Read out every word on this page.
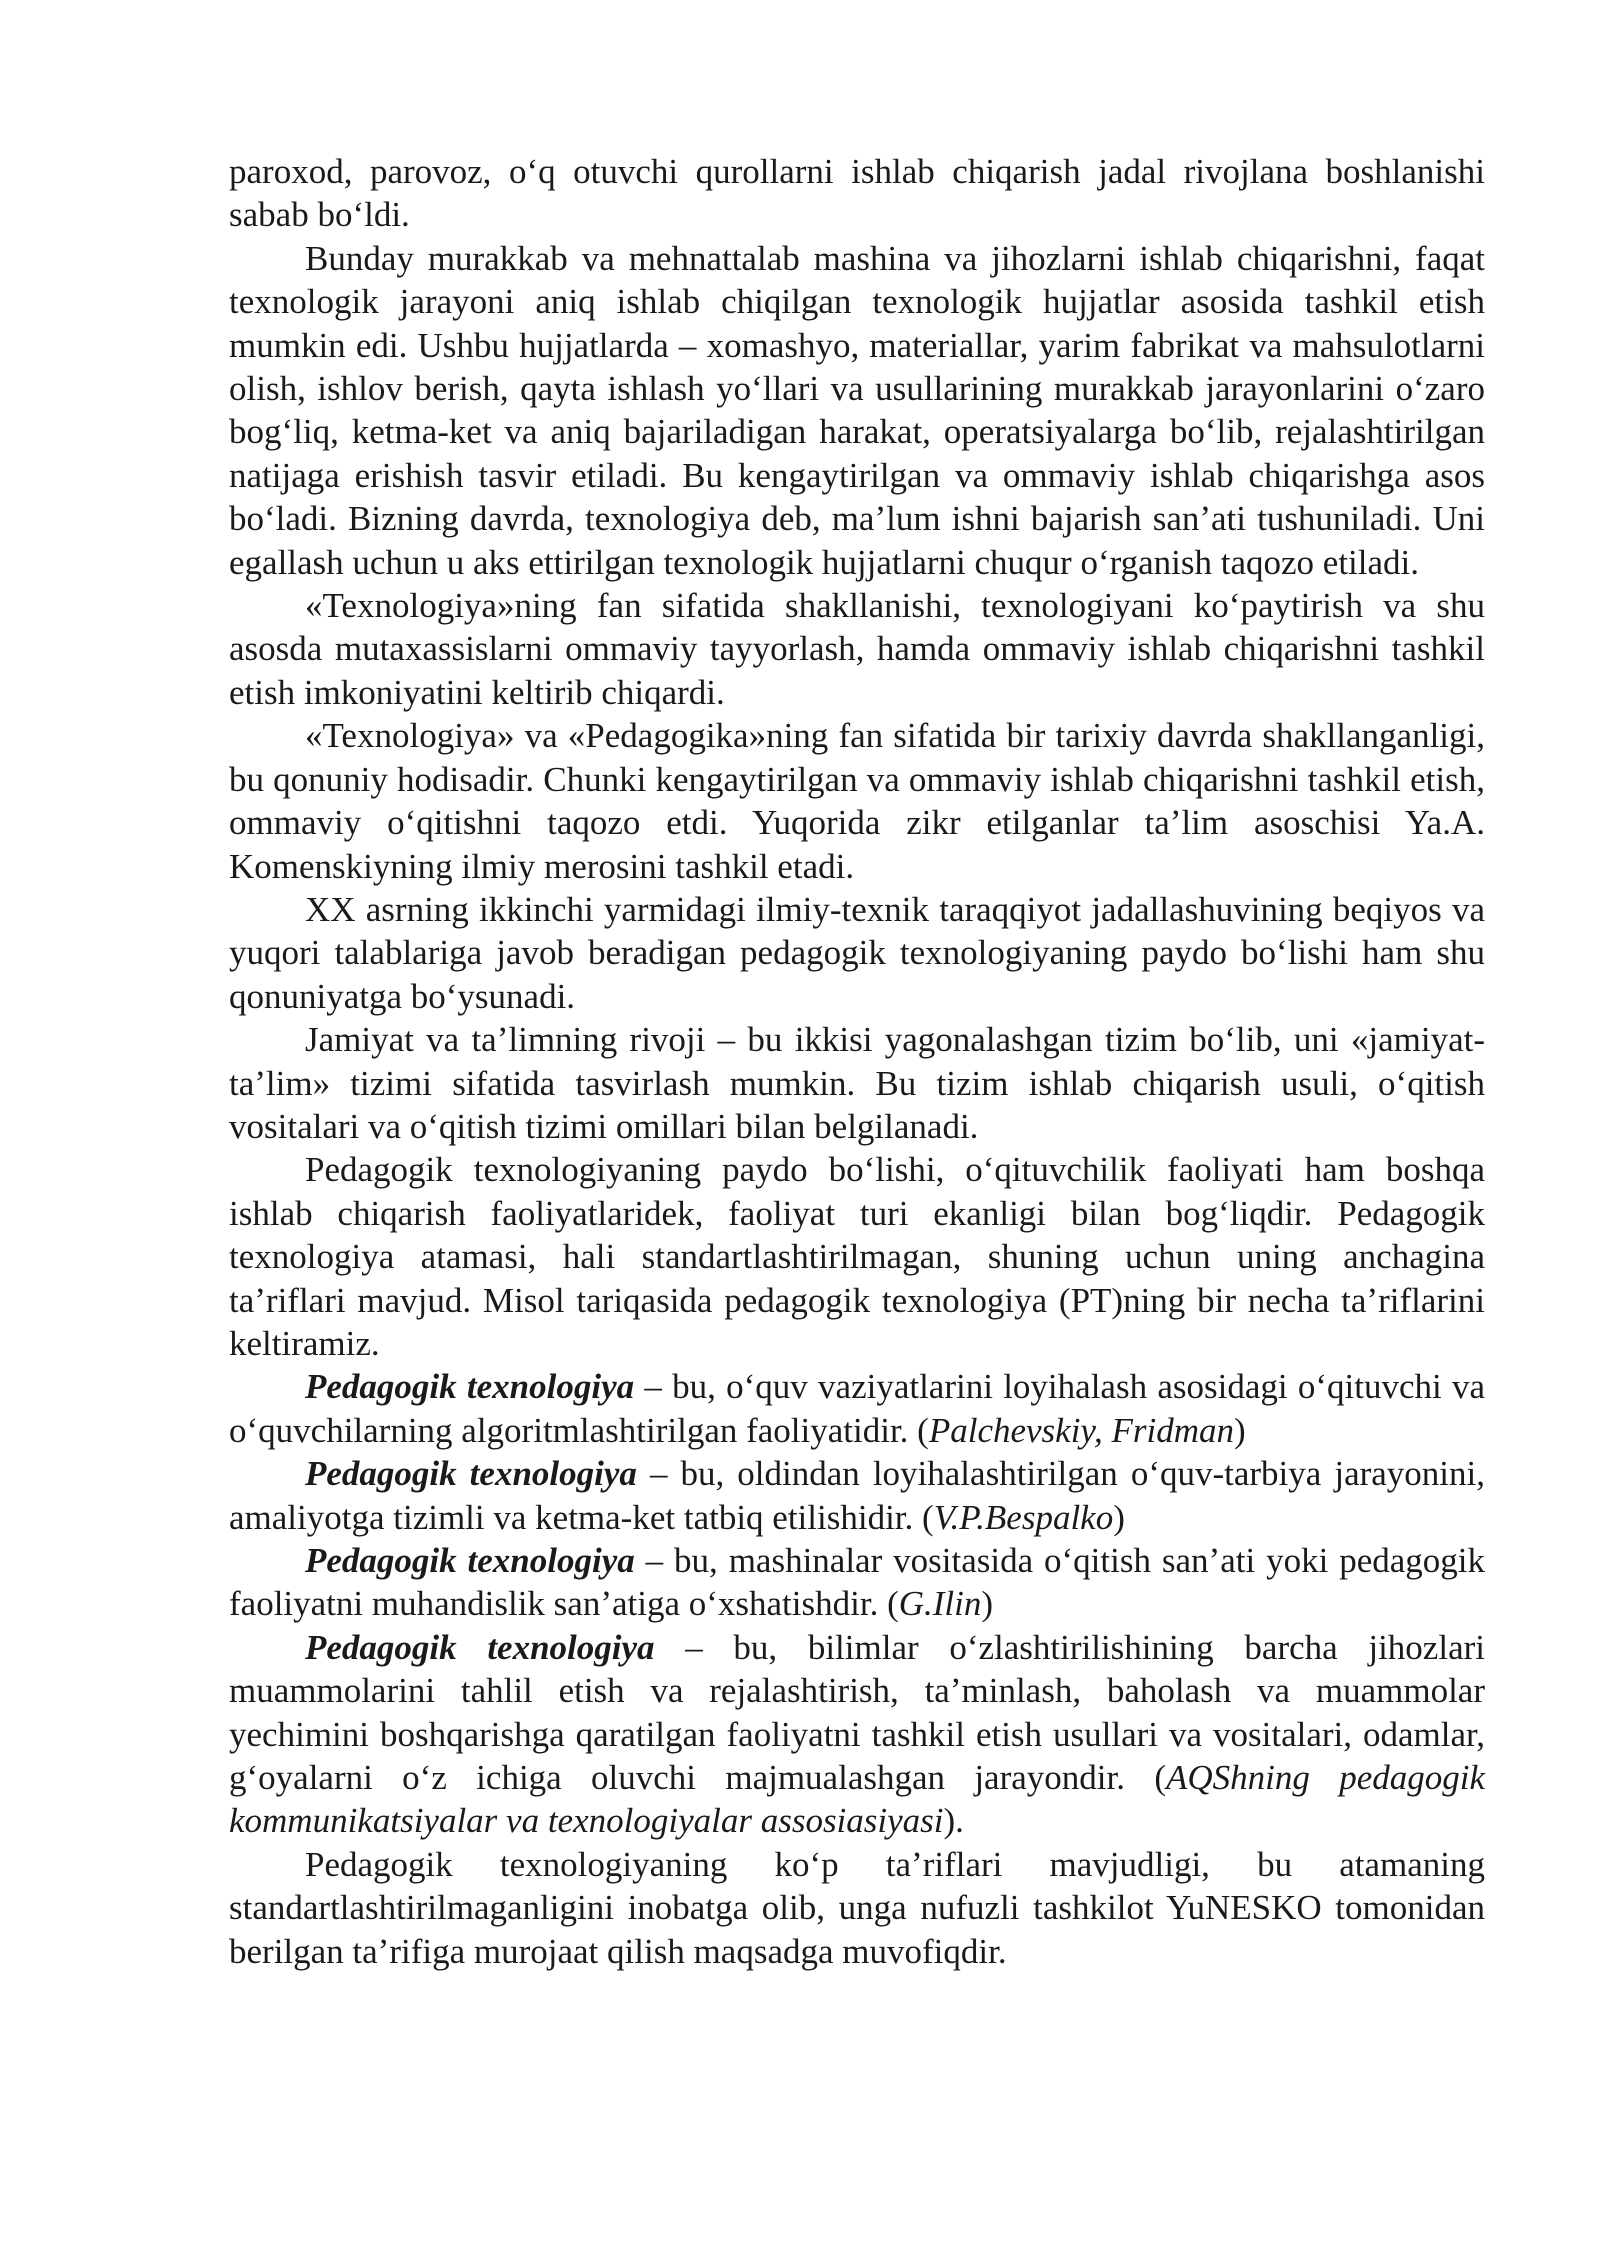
paroxod, parovoz, oʻq otuvchi qurollarni ishlab chiqarish jadal rivojlana boshlanishi sabab boʻldi.

Bunday murakkab va mehnattalab mashina va jihozlarni ishlab chiqarishni, faqat texnologik jarayoni aniq ishlab chiqilgan texnologik hujjatlar asosida tashkil etish mumkin edi. Ushbu hujjatlarda – xomashyo, materiallar, yarim fabrikat va mahsulotlarni olish, ishlov berish, qayta ishlash yoʻllari va usullarining murakkab jarayonlarini oʻzaro bogʻliq, ketma-ket va aniq bajariladigan harakat, operatsiyalarga boʻlib, rejalashtirilgan natijaga erishish tasvir etiladi. Bu kengaytirilgan va ommaviy ishlab chiqarishga asos boʻladi. Bizning davrda, texnologiya deb, maʼlum ishni bajarish sanʼati tushuniladi. Uni egallash uchun u aks ettirilgan texnologik hujjatlarni chuqur oʻrganish taqozo etiladi.

«Texnologiya»ning fan sifatida shakllanishi, texnologiyani koʻpaytirish va shu asosda mutaxassislarni ommaviy tayyorlash, hamda ommaviy ishlab chiqarishni tashkil etish imkoniyatini keltirib chiqardi.

«Texnologiya» va «Pedagogika»ning fan sifatida bir tarixiy davrda shakllanganligi, bu qonuniy hodisadir. Chunki kengaytirilgan va ommaviy ishlab chiqarishni tashkil etish, ommaviy oʻqitishni taqozo etdi. Yuqorida zikr etilganlar taʼlim asoschisi Ya.A. Komenskiyning ilmiy merosini tashkil etadi.

XX asrning ikkinchi yarmidagi ilmiy-texnik taraqqiyot jadallashuvining beqiyos va yuqori talablariga javob beradigan pedagogik texnologiyaning paydo boʻlishi ham shu qonuniyatga boʻysunadi.

Jamiyat va taʼlimning rivoji – bu ikkisi yagonalashgan tizim boʻlib, uni «jamiyat-taʼlim» tizimi sifatida tasvirlash mumkin. Bu tizim ishlab chiqarish usuli, oʻqitish vositalari va oʻqitish tizimi omillari bilan belgilanadi.

Pedagogik texnologiyaning paydo boʻlishi, oʻqituvchilik faoliyati ham boshqa ishlab chiqarish faoliyatlaridek, faoliyat turi ekanligi bilan bogʻliqdir. Pedagogik texnologiya atamasi, hali standartlashtirilmagan, shuning uchun uning anchagina taʼriflari mavjud. Misol tariqasida pedagogik texnologiya (PT)ning bir necha taʼriflarini keltiramiz.

Pedagogik texnologiya – bu, oʻquv vaziyatlarini loyihalash asosidagi oʻqituvchi va oʻquvchilarning algoritmlashtirilgan faoliyatidir. (Palchevskiy, Fridman)

Pedagogik texnologiya – bu, oldindan loyihalashtirilgan oʻquv-tarbiya jarayonini, amaliyotga tizimli va ketma-ket tatbiq etilishidir. (V.P.Bespalko)

Pedagogik texnologiya – bu, mashinalar vositasida oʻqitish sanʼati yoki pedagogik faoliyatni muhandislik sanʼatiga oʻxshatishdir. (G.Ilin)

Pedagogik texnologiya – bu, bilimlar oʻzlashtirilishining barcha jihozlari muammolarini tahlil etish va rejalashtirish, taʼminlash, baholash va muammolar yechimini boshqarishga qaratilgan faoliyatni tashkil etish usullari va vositalari, odamlar, gʻoyalarni oʻz ichiga oluvchi majmualashgan jarayondir. (AQShning pedagogik kommunikatsiyalar va texnologiyalar assosiasiyasi).

Pedagogik texnologiyaning koʻp taʼriflari mavjudligi, bu atamaning standartlashtirilmaganligini inobatga olib, unga nufuzli tashkilot YuNESKO tomonidan berilgan taʼrifiga murojaat qilish maqsadga muvofiqdir.
